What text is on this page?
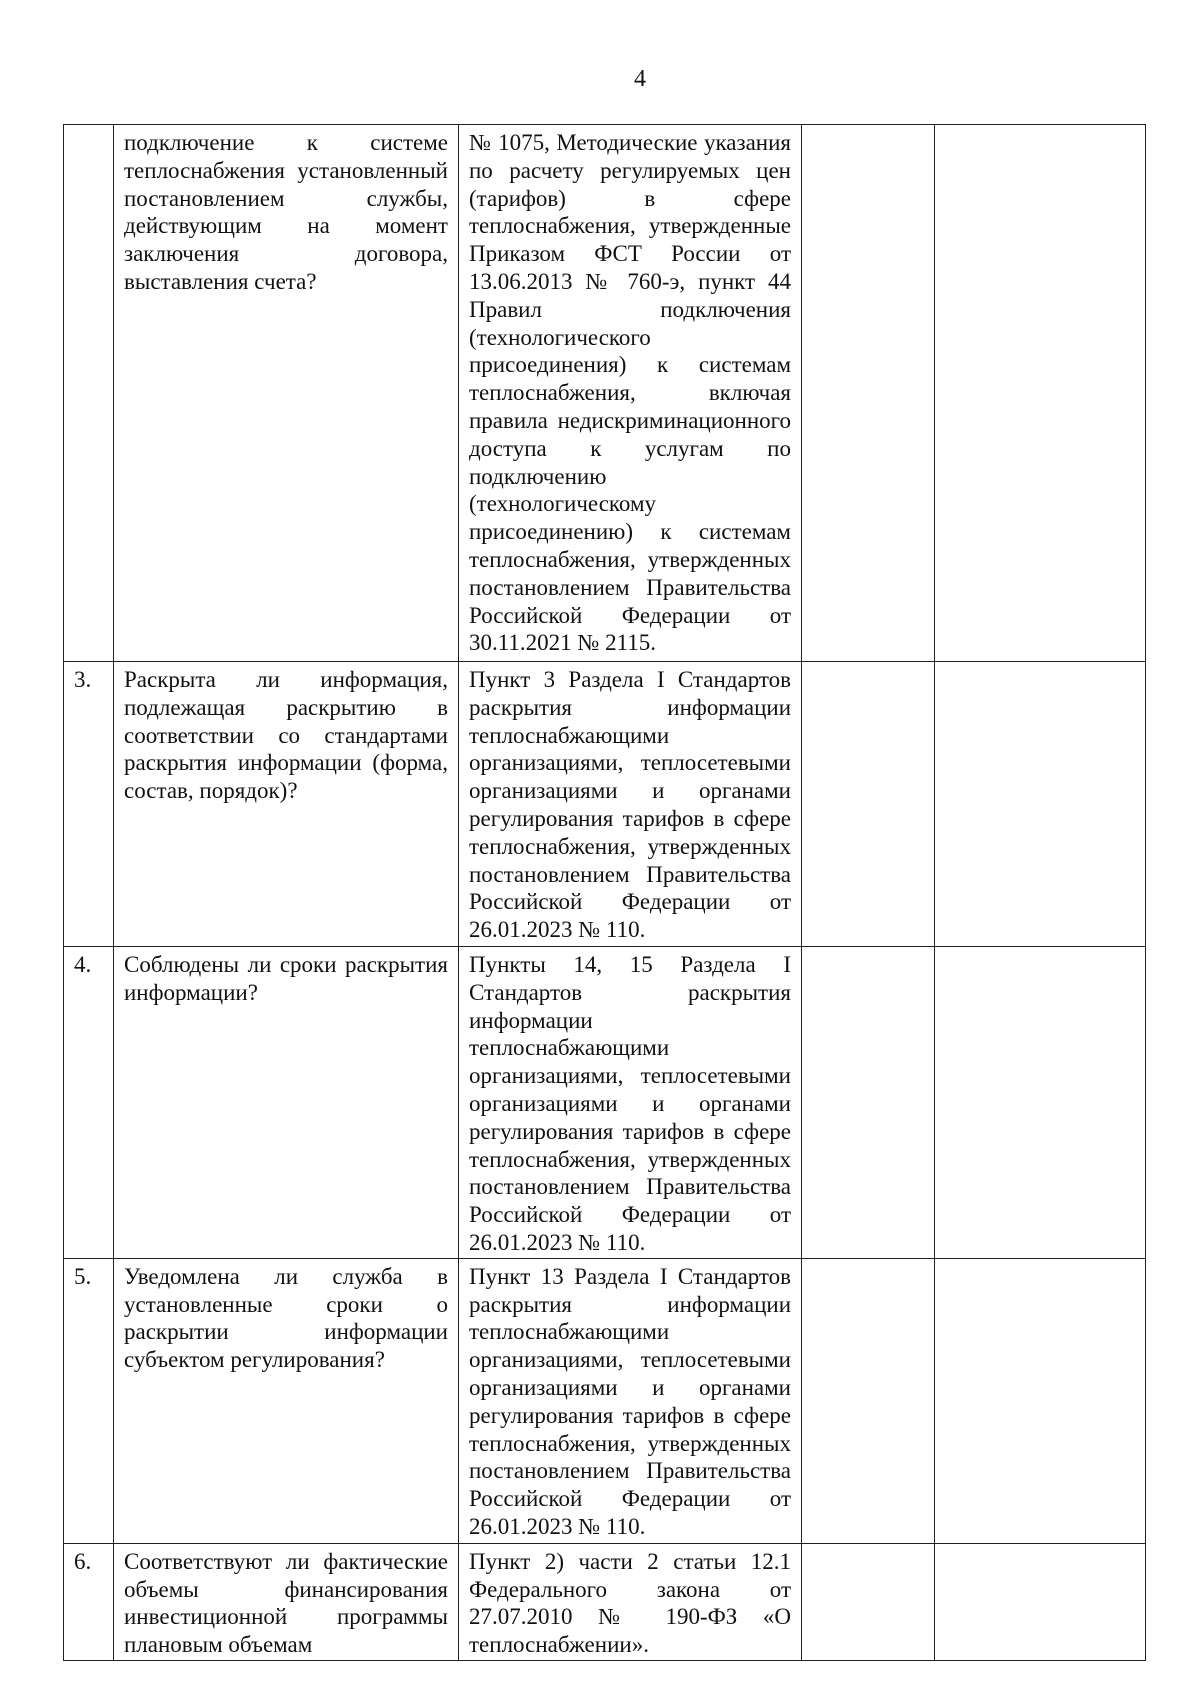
4
	подключение к системе теплоснабжения установленный постановлением службы, действующим на момент заключения договора, выставления счета?	№ 1075, Методические указания по расчету регулируемых цен (тарифов) в сфере теплоснабжения, утвержденные Приказом ФСТ России от 13.06.2013 № 760-э, пункт 44 Правил подключения (технологического присоединения) к системам теплоснабжения, включая правила недискриминационного доступа к услугам по подключению (технологическому присоединению) к системам теплоснабжения, утвержденных постановлением Правительства Российской Федерации от 30.11.2021 № 2115.		
3.	Раскрыта ли информация, подлежащая раскрытию в соответствии со стандартами раскрытия информации (форма, состав, порядок)?	Пункт 3 Раздела I Стандартов раскрытия информации теплоснабжающими организациями, теплосетевыми организациями и органами регулирования тарифов в сфере теплоснабжения, утвержденных постановлением Правительства Российской Федерации от 26.01.2023 № 110.		
4.	Соблюдены ли сроки раскрытия информации?	Пункты 14, 15 Раздела I Стандартов раскрытия информации теплоснабжающими организациями, теплосетевыми организациями и органами регулирования тарифов в сфере теплоснабжения, утвержденных постановлением Правительства Российской Федерации от 26.01.2023 № 110.		
5.	Уведомлена ли служба в установленные сроки о раскрытии информации субъектом регулирования?	Пункт 13 Раздела I Стандартов раскрытия информации теплоснабжающими организациями, теплосетевыми организациями и органами регулирования тарифов в сфере теплоснабжения, утвержденных постановлением Правительства Российской Федерации от 26.01.2023 № 110.		
6.	Соответствуют ли фактические объемы финансирования инвестиционной программы плановым объемам	Пункт 2) части 2 статьи 12.1 Федерального закона от 27.07.2010 № 190-ФЗ «О теплоснабжении».		
